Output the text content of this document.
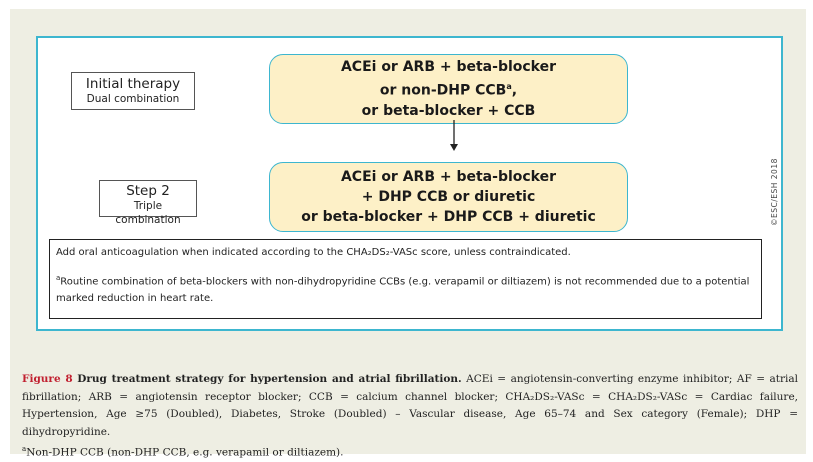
Initial therapy
Dual combination
ACEi or ARB + beta-blocker
or non-DHP CCB$^a$,
or beta-blocker + CCB
Step 2
Triple combination
ACEi or ARB + beta-blocker
+ DHP CCB or diuretic
or beta-blocker + DHP CCB + diuretic

Add oral anticoagulation when indicated according to the CHA₂DS₂-VASc score, unless contraindicated.

$^a$Routine combination of beta-blockers with non-dihydropyridine CCBs (e.g. verapamil or diltiazem) is not recommended due to a potential marked reduction in heart rate.

©ESC/ESH 2018
Figure 8 Drug treatment strategy for hypertension and atrial fibrillation. ACEi = angiotensin-converting enzyme inhibitor; AF = atrial fibrillation; ARB = angiotensin receptor blocker; CCB = calcium channel blocker; CHA₂DS₂-VASc = CHA₂DS₂-VASc = Cardiac failure, Hypertension, Age ≥75 (Doubled), Diabetes, Stroke (Doubled) – Vascular disease, Age 65–74 and Sex category (Female); DHP = dihydropyridine.
$^a$Non-DHP CCB (non-DHP CCB, e.g. verapamil or diltiazem).
